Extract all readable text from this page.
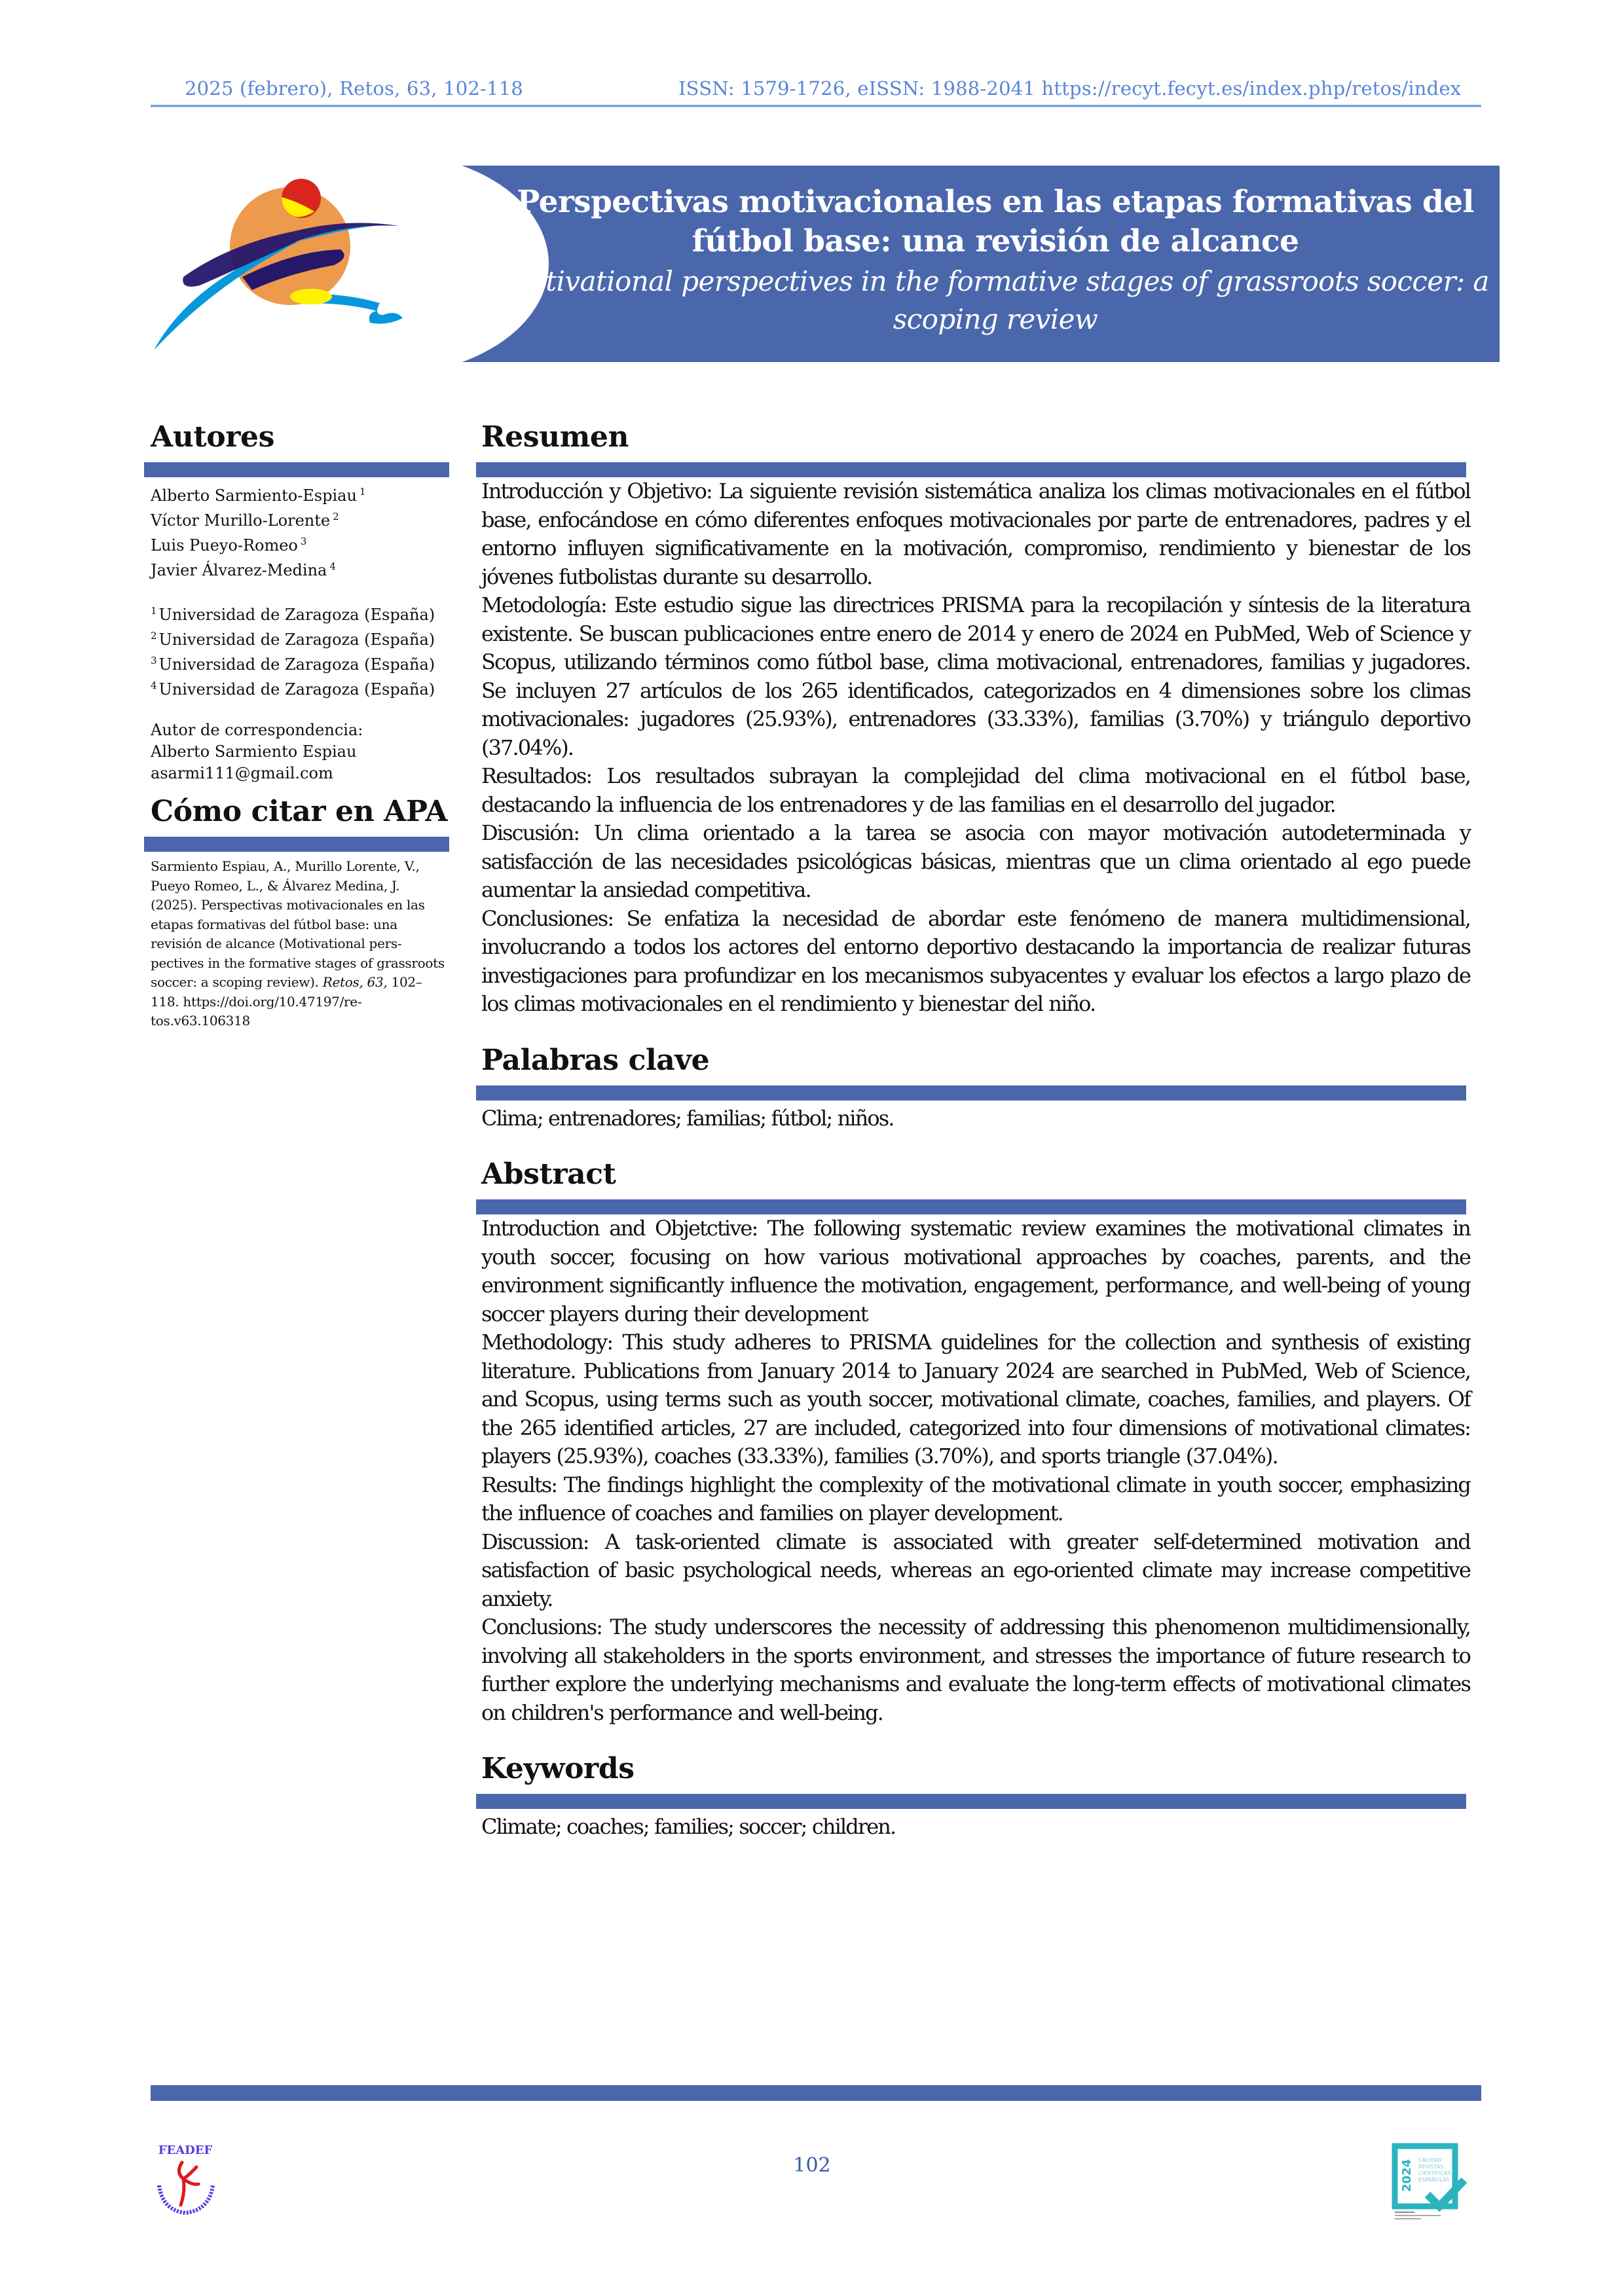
2025 (febrero), Retos, 63, 102-118	ISSN: 1579-1726, eISSN: 1988-2041 https://recyt.fecyt.es/index.php/retos/index
Perspectivas motivacionales en las etapas formativas del
fútbol base: una revisión de alcance
Motivational perspectives in the formative stages of grassroots soccer: a
scoping review
Autores
Alberto Sarmiento-Espiau $^1$
Víctor Murillo-Lorente $^2$
Luis Pueyo-Romeo $^3$
Javier Álvarez-Medina $^4$
$^1$ Universidad de Zaragoza (España)
$^2$ Universidad de Zaragoza (España)
$^3$ Universidad de Zaragoza (España)
$^4$ Universidad de Zaragoza (España)
Autor de correspondencia:
Alberto Sarmiento Espiau
asarmi111@gmail.com
Cómo citar en APA
Sarmiento Espiau, A., Murillo Lorente, V., Pueyo Romeo, L., & Álvarez Medina, J. (2025). Perspectivas motivacionales en las etapas formativas del fútbol base: una revisión de alcance (Motivational perspectives in the formative stages of grassroots soccer: a scoping review). Retos, 63, 102–118. https://doi.org/10.47197/retos.v63.106318
Resumen

Introducción y Objetivo: La siguiente revisión sistemática analiza los climas motivacionales en el fútbol base, enfocándose en cómo diferentes enfoques motivacionales por parte de entrenadores, padres y el entorno influyen significativamente en la motivación, compromiso, rendimiento y bienestar de los jóvenes futbolistas durante su desarrollo.

Metodología: Este estudio sigue las directrices PRISMA para la recopilación y síntesis de la literatura existente. Se buscan publicaciones entre enero de 2014 y enero de 2024 en PubMed, Web of Science y Scopus, utilizando términos como fútbol base, clima motivacional, entrenadores, familias y jugadores. Se incluyen 27 artículos de los 265 identificados, categorizados en 4 dimensiones sobre los climas motivacionales: jugadores (25.93%), entrenadores (33.33%), familias (3.70%) y triángulo deportivo (37.04%).

Resultados: Los resultados subrayan la complejidad del clima motivacional en el fútbol base, destacando la influencia de los entrenadores y de las familias en el desarrollo del jugador.

Discusión: Un clima orientado a la tarea se asocia con mayor motivación autodeterminada y satisfacción de las necesidades psicológicas básicas, mientras que un clima orientado al ego puede aumentar la ansiedad competitiva.

Conclusiones: Se enfatiza la necesidad de abordar este fenómeno de manera multidimensional, involucrando a todos los actores del entorno deportivo destacando la importancia de realizar futuras investigaciones para profundizar en los mecanismos subyacentes y evaluar los efectos a largo plazo de los climas motivacionales en el rendimiento y bienestar del niño.

Palabras clave
Clima; entrenadores; familias; fútbol; niños.
Abstract

Introduction and Objetctive: The following systematic review examines the motivational climates in youth soccer, focusing on how various motivational approaches by coaches, parents, and the environment significantly influence the motivation, engagement, performance, and well-being of young soccer players during their development

Methodology: This study adheres to PRISMA guidelines for the collection and synthesis of existing literature. Publications from January 2014 to January 2024 are searched in PubMed, Web of Science, and Scopus, using terms such as youth soccer, motivational climate, coaches, families, and players. Of the 265 identified articles, 27 are included, categorized into four dimensions of motivational climates: players (25.93%), coaches (33.33%), families (3.70%), and sports triangle (37.04%).

Results: The findings highlight the complexity of the motivational climate in youth soccer, emphasizing the influence of coaches and families on player development.

Discussion: A task-oriented climate is associated with greater self-determined motivation and satisfaction of basic psychological needs, whereas an ego-oriented climate may increase competitive anxiety.

Conclusions: The study underscores the necessity of addressing this phenomenon multidimensionally, involving all stakeholders in the sports environment, and stresses the importance of future research to further explore the underlying mechanisms and evaluate the long-term effects of motivational climates on children's performance and well-being.

Keywords
Climate; coaches; families; soccer; children.
FEADEF
102	2024 CALIDAD
REVISTAS
CIENTÍFICAS
ESPAÑOLAS
